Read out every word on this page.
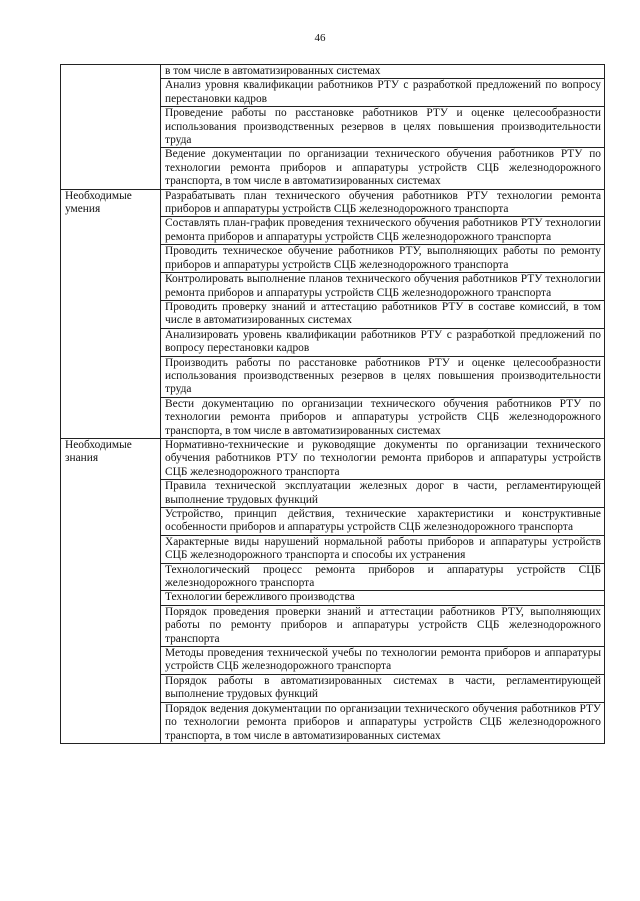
46
	в том числе в автоматизированных системах
	Анализ уровня квалификации работников РТУ с разработкой предложений по вопросу перестановки кадров
	Проведение работы по расстановке работников РТУ и оценке целесообразности использования производственных резервов в целях повышения производительности труда
	Ведение документации по организации технического обучения работников РТУ по технологии ремонта приборов и аппаратуры устройств СЦБ железнодорожного транспорта, в том числе в автоматизированных системах
Необходимые умения	Разрабатывать план технического обучения работников РТУ технологии ремонта приборов и аппаратуры устройств СЦБ железнодорожного транспорта
	Составлять план-график проведения технического обучения работников РТУ технологии ремонта приборов и аппаратуры устройств СЦБ железнодорожного транспорта
	Проводить техническое обучение работников РТУ, выполняющих работы по ремонту приборов и аппаратуры устройств СЦБ железнодорожного транспорта
	Контролировать выполнение планов технического обучения работников РТУ технологии ремонта приборов и аппаратуры устройств СЦБ железнодорожного транспорта
	Проводить проверку знаний и аттестацию работников РТУ в составе комиссий, в том числе в автоматизированных системах
	Анализировать уровень квалификации работников РТУ с разработкой предложений по вопросу перестановки кадров
	Производить работы по расстановке работников РТУ и оценке целесообразности использования производственных резервов в целях повышения производительности труда
	Вести документацию по организации технического обучения работников РТУ по технологии ремонта приборов и аппаратуры устройств СЦБ железнодорожного транспорта, в том числе в автоматизированных системах
Необходимые знания	Нормативно-технические и руководящие документы по организации технического обучения работников РТУ по технологии ремонта приборов и аппаратуры устройств СЦБ железнодорожного транспорта
	Правила технической эксплуатации железных дорог в части, регламентирующей выполнение трудовых функций
	Устройство, принцип действия, технические характеристики и конструктивные особенности приборов и аппаратуры устройств СЦБ железнодорожного транспорта
	Характерные виды нарушений нормальной работы приборов и аппаратуры устройств СЦБ железнодорожного транспорта и способы их устранения
	Технологический процесс ремонта приборов и аппаратуры устройств СЦБ железнодорожного транспорта
	Технологии бережливого производства
	Порядок проведения проверки знаний и аттестации работников РТУ, выполняющих работы по ремонту приборов и аппаратуры устройств СЦБ железнодорожного транспорта
	Методы проведения технической учебы по технологии ремонта приборов и аппаратуры устройств СЦБ железнодорожного транспорта
	Порядок работы в автоматизированных системах в части, регламентирующей выполнение трудовых функций
	Порядок ведения документации по организации технического обучения работников РТУ по технологии ремонта приборов и аппаратуры устройств СЦБ железнодорожного транспорта, в том числе в автоматизированных системах
